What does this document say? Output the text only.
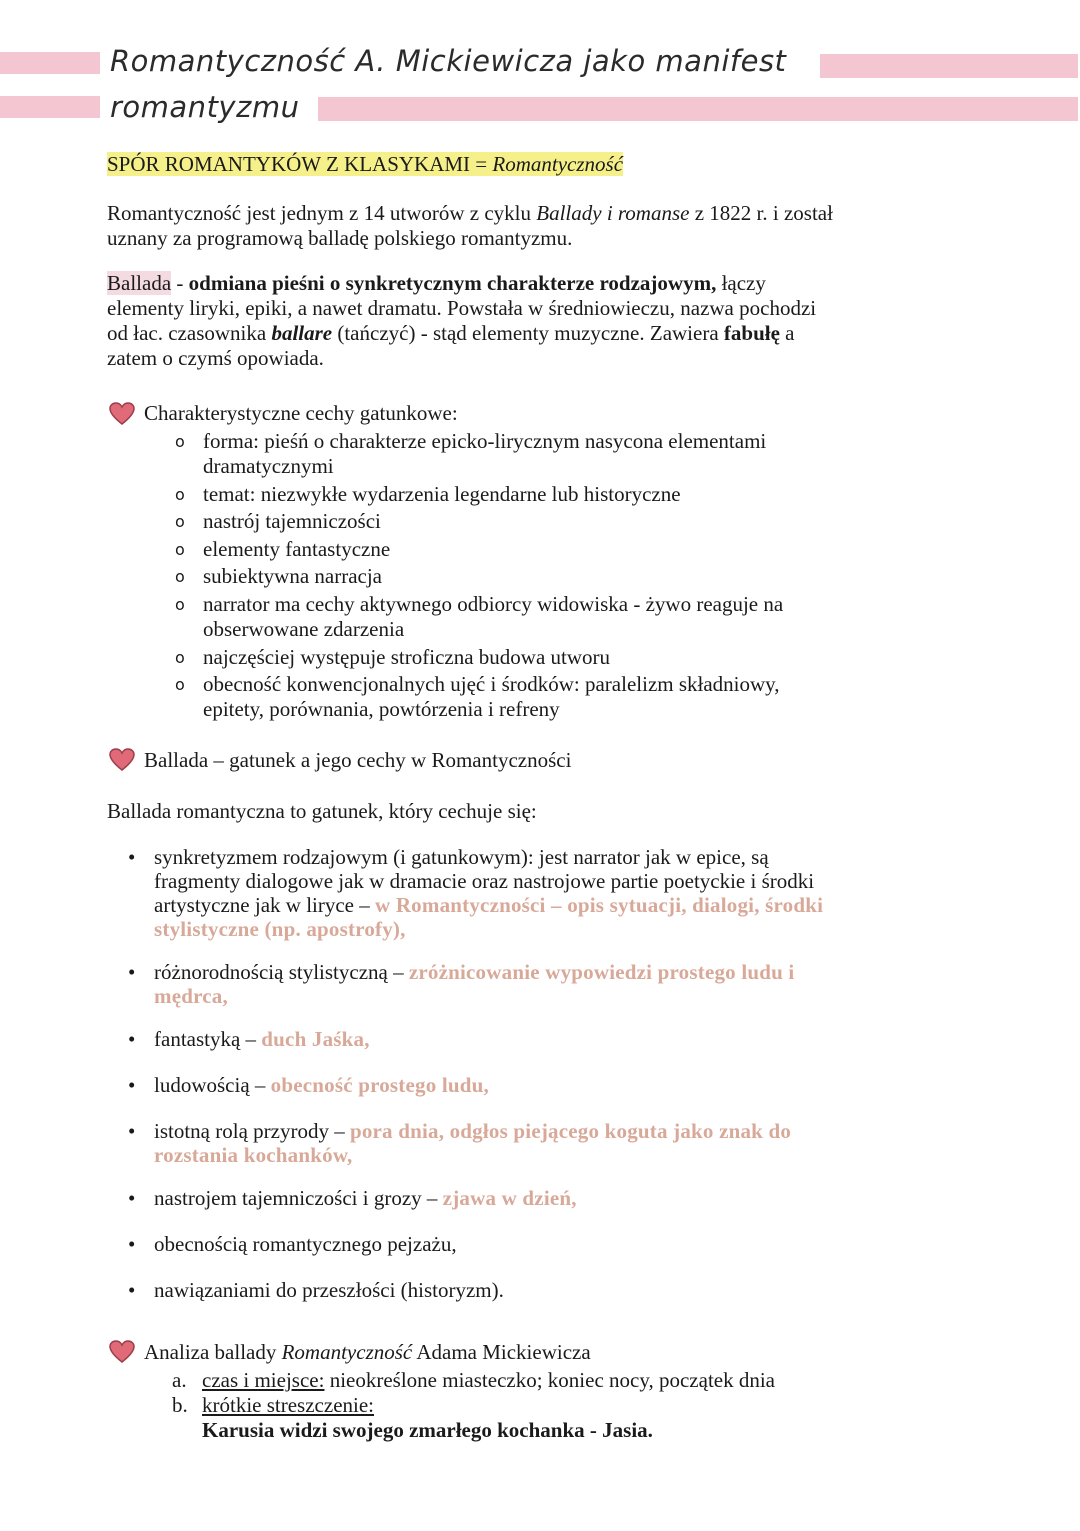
Romantyczność A. Mickiewicza jako manifest
romantyzmu
SPÓR ROMANTYKÓW Z KLASYKAMI = Romantyczność

Romantyczność jest jednym z 14 utworów z cyklu Ballady i romanse z 1822 r. i został

uznany za programową balladę polskiego romantyzmu.

Ballada - odmiana pieśni o synkretycznym charakterze rodzajowym, łączy

elementy liryki, epiki, a nawet dramatu. Powstała w średniowieczu, nazwa pochodzi

od łac. czasownika ballare (tańczyć) - stąd elementy muzyczne. Zawiera fabułę a

zatem o czymś opowiada.

Charakterystyczne cechy gatunkowe:
o forma: pieśń o charakterze epicko-lirycznym nasycona elementami
dramatycznymi
o temat: niezwykłe wydarzenia legendarne lub historyczne
o nastrój tajemniczości
o elementy fantastyczne
o subiektywna narracja
o narrator ma cechy aktywnego odbiorcy widowiska - żywo reaguje na
obserwowane zdarzenia
o najczęściej występuje stroficzna budowa utworu
o obecność konwencjonalnych ujęć i środków: paralelizm składniowy,
epitety, porównania, powtórzenia i refreny
Ballada – gatunek a jego cechy w Romantyczności
Ballada romantyczna to gatunek, który cechuje się:
• synkretyzmem rodzajowym (i gatunkowym): jest narrator jak w epice, są
fragmenty dialogowe jak w dramacie oraz nastrojowe partie poetyckie i środki
artystyczne jak w liryce – w Romantyczności – opis sytuacji, dialogi, środki
stylistyczne (np. apostrofy),
• różnorodnością stylistyczną – zróżnicowanie wypowiedzi prostego ludu i
mędrca,
• fantastyką – duch Jaśka,
• ludowością – obecność prostego ludu,
• istotną rolą przyrody – pora dnia, odgłos piejącego koguta jako znak do
rozstania kochanków,
• nastrojem tajemniczości i grozy – zjawa w dzień,
• obecnością romantycznego pejzażu,
• nawiązaniami do przeszłości (historyzm).
Analiza ballady Romantyczność Adama Mickiewicza
a. czas i miejsce: nieokreślone miasteczko; koniec nocy, początek dnia
b. krótkie streszczenie:
Karusia widzi swojego zmarłego kochanka - Jasia.
